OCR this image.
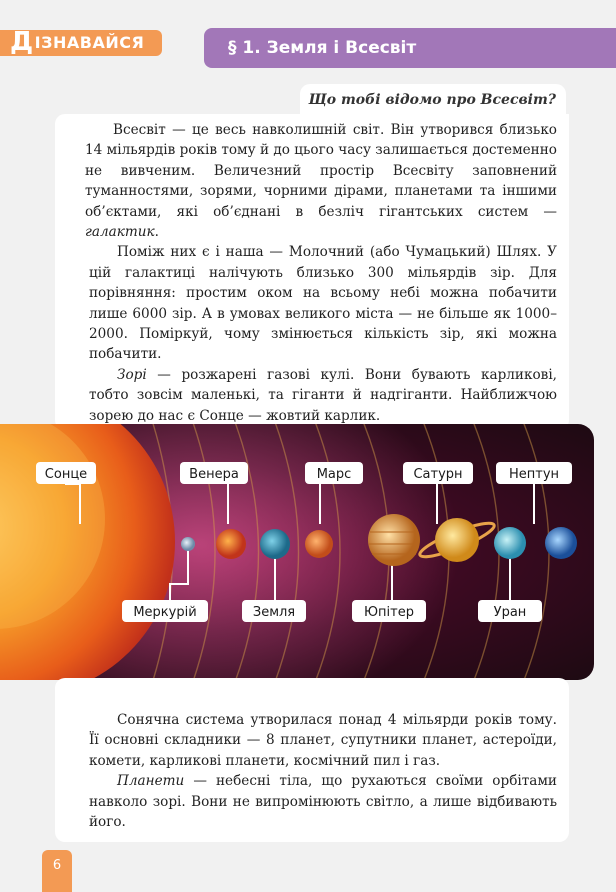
ДІЗНАВАЙСЯ	§ 1. Земля і Всесвіт
Що тобі відомо про Всесвіт?

Всесвіт — це весь навколишній світ. Він утворився близько 14 мільярдів років тому й до цього часу залишається достеменно не вивченим. Величезний простір Всесвіту заповнений туманностями, зорями, чорними дірами, планетами та іншими об’єктами, які об’єднані в безліч гігантських систем — галактик.

Поміж них є і наша — Молочний (або Чумацький) Шлях. У цій галактиці налічують близько 300 мільярдів зір. Для порівняння: простим оком на всьому небі можна побачити лише 6000 зір. А в умовах великого міста — не більше як 1000–2000. Поміркуй, чому змінюється кількість зір, які можна побачити.

Зорі — розжарені газові кулі. Вони бувають карликові, тобто зовсім маленькі, та гіганти й надгіганти. Найближчою зорею до нас є Сонце — жовтий карлик.

Сонце	Венера	Марс	Сатурн	Нептун
Меркурій	Земля	Юпітер	Уран

Сонячна система утворилася понад 4 мільярди років тому. Її основні складники — 8 планет, супутники планет, астероїди, комети, карликові планети, космічний пил і газ.

Планети — небесні тіла, що рухаються своїми орбітами навколо зорі. Вони не випромінюють світло, а лише відбивають його.

6
